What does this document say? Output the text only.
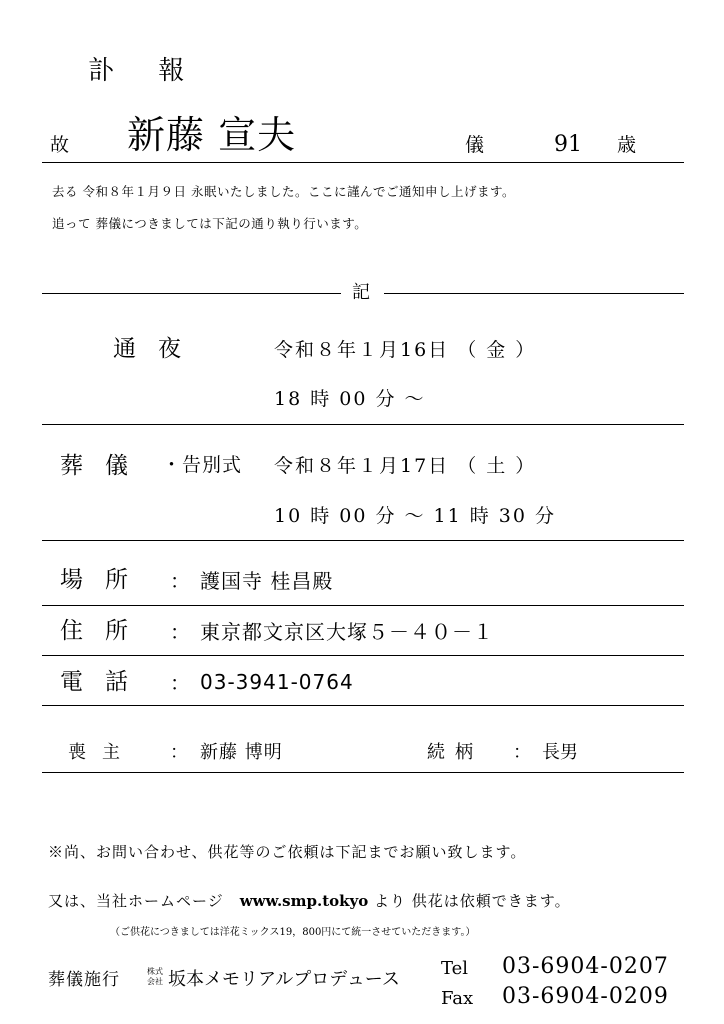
訃 報
故 新藤 宣夫	儀	91 歳
去る 令和８年１月９日 永眠いたしました。ここに謹んでご通知申し上げます。
追って 葬儀につきましては下記の通り執り行います。
記
通夜	令和８年１月16日 （ 金 ）
18 時 00 分 ～
葬儀 ・告別式 令和８年１月17日 （ 土 ）
10 時 00 分 ～ 11 時 30 分
場所 ： 護国寺 桂昌殿
住所 ： 東京都文京区大塚５－４０－１
電話 ： 03-3941-0764
喪主 ： 新藤 博明	続柄 ： 長男
※尚、お問い合わせ、供花等のご依頼は下記までお願い致します。
又は、当社ホームページ　 www.smp.tokyo より 供花は依頼できます。
（ご供花につきましては洋花ミックス19，800円にて統一させていただきます。）
葬儀施行	株式会社 坂本メモリアルプロデュース
Tel 03-6904-0207
Fax 03-6904-0209
